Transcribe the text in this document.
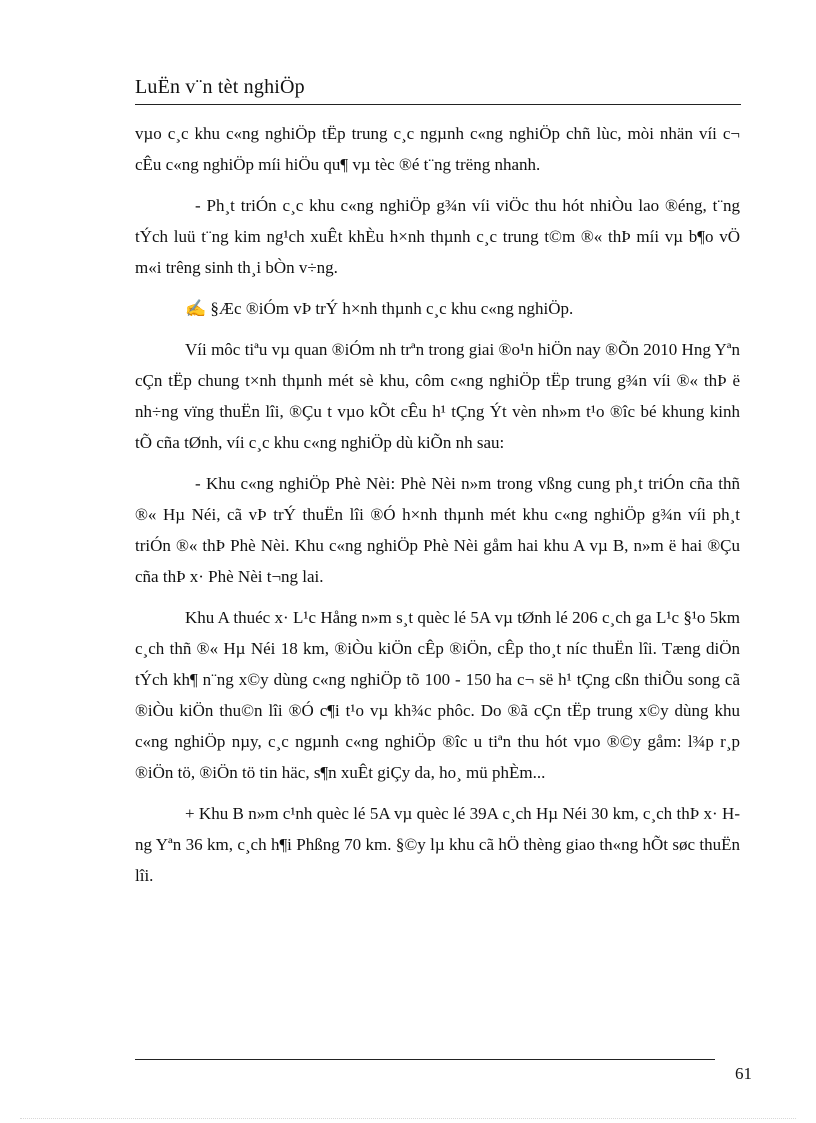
LuËn v¨n tèt nghiÖp

vµo c¸c khu c«ng nghiÖp tËp trung c¸c ngµnh c«ng nghiÖp chñ lùc, mòi nhän víi c¬ cÊu c«ng nghiÖp míi hiÖu qu¶ vµ tèc ®é t¨ng trëng nhanh.

- Ph¸t triÓn c¸c khu c«ng nghiÖp g¾n víi viÖc thu hót nhiÒu lao ®éng, t¨ng tÝch luü t¨ng kim ng¹ch xuÊt khÈu h×nh thµnh c¸c trung t©m ®« thÞ míi vµ b¶o vÖ m«i trêng sinh th¸i bÒn v÷ng.

✍ §Æc ®iÓm vÞ trÝ h×nh thµnh c¸c khu c«ng nghiÖp.

Víi môc tiªu vµ quan ®iÓm nh trªn trong giai ®o¹n hiÖn nay ®Õn 2010 Hng Yªn cÇn tËp chung t×nh thµnh mét sè khu, côm c«ng nghiÖp tËp trung g¾n víi ®« thÞ ë nh÷ng vïng thuËn lîi, ®Çu t vµo kÕt cÊu h¹ tÇng Ýt vèn nh»m t¹o ®îc bé khung kinh tÕ cña tØnh, víi c¸c khu c«ng nghiÖp dù kiÕn nh sau:

- Khu c«ng nghiÖp Phè Nèi: Phè Nèi n»m trong vßng cung ph¸t triÓn cña thñ ®« Hµ Néi, cã vÞ trÝ thuËn lîi ®Ó h×nh thµnh mét khu c«ng nghiÖp g¾n víi ph¸t triÓn ®« thÞ Phè Nèi. Khu c«ng nghiÖp Phè Nèi gåm hai khu A vµ B, n»m ë hai ®Çu cña thÞ x· Phè Nèi t¬ng lai.

Khu A thuéc x· L¹c Hång n»m s¸t quèc lé 5A vµ tØnh lé 206 c¸ch ga L¹c §¹o 5km c¸ch thñ ®« Hµ Néi 18 km, ®iÒu kiÖn cÊp ®iÖn, cÊp tho¸t níc thuËn lîi. Tæng diÖn tÝch kh¶ n¨ng x©y dùng c«ng nghiÖp tõ 100 - 150 ha c¬ së h¹ tÇng cßn thiÕu song cã ®iÒu kiÖn thu©n lîi ®Ó c¶i t¹o vµ kh¾c phôc. Do ®ã cÇn tËp trung x©y dùng khu c«ng nghiÖp nµy, c¸c ngµnh c«ng nghiÖp ®îc u tiªn thu hót vµo ®©y gåm: l¾p r¸p ®iÖn tö, ®iÖn tö tin häc, s¶n xuÊt giÇy da, ho¸ mü phÈm...

+ Khu B n»m c¹nh quèc lé 5A vµ quèc lé 39A c¸ch Hµ Néi 30 km, c¸ch thÞ x· Hng Yªn 36 km, c¸ch h¶i Phßng 70 km. §©y lµ khu cã hÖ thèng giao th«ng hÕt søc thuËn lîi.

61
